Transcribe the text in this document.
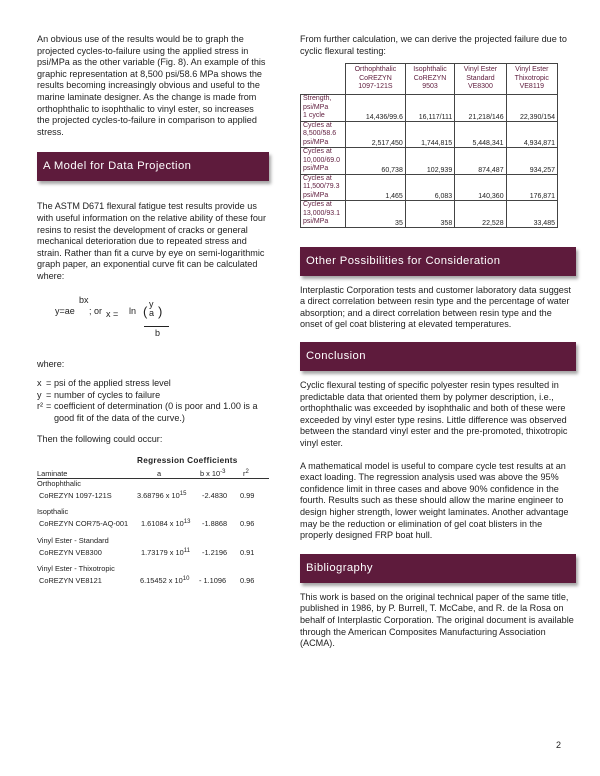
An obvious use of the results would be to graph the projected cycles-to-failure using the applied stress in psi/MPa as the other variable (Fig. 8). An example of this graphic representation at 8,500 psi/58.6 MPa shows the results becoming increasingly obvious and useful to the marine laminate designer. As the change is made from orthophthalic to isophthalic to vinyl ester, so increases the projected cycles-to-failure in comparison to applied stress.

A Model for Data Projection

The ASTM D671 flexural fatigue test results provide us with useful information on the relative ability of these four resins to resist the development of cracks or general mechanical deterioration due to repeated stress and strain. Rather than fit a curve by eye on semi-logarithmic graph paper, an exponential curve fit can be calculated where:

bx
y=ae ; or x = ln ( y
a )
b

where:

x = psi of the applied stress level
y = number of cycles to failure
r² = coefficient of determination (0 is poor and 1.00 is a good fit of the data of the curve.)

Then the following could occur:

Regression Coefficients
Laminate	a	b x $10^{-3}$ $r^2$
Orthophthalic
CoREZYN 1097-121S	3.68796 x $10^{15}$ -2.4830 0.99
Isopthalic
CoREZYN COR75-AQ-001 1.61084 x $10^{13}$ -1.8868 0.96
Vinyl Ester - Standard
CoREZYN VE8300	1.73179 x $10^{11}$ -1.2196 0.91
Vinyl Ester - Thixotropic
CoREZYN VE8121	6.15452 x $10^{10} - 1.1096$ 0.96

From further calculation, we can derive the projected failure due to cyclic flexural testing:

	Orthophthalic
CoREZYN
1097-121S	Isophthalic
CoREZYN
9503	Vinyl Ester
Standard
VE8300	Vinyl Ester
Thixotropic
VE8119
Strength,
psi/MPa
1 cycle	14,436/99.6	16,117/111	21,218/146	22,390/154
Cycles at
8,500/58.6
psi/MPa	2,517,450	1,744,815	5,448,341	4,934,871
Cycles at
10,000/69.0
psi/MPa	60,738	102,939	874,487	934,257
Cycles at
11,500/79.3
psi/MPa	1,465	6,083	140,360	176,871
Cycles at
13,000/93.1
psi/MPa	35	358	22,528	33,485
Other Possibilities for Consideration

Interplastic Corporation tests and customer laboratory data suggest a direct correlation between resin type and the percentage of water absorption; and a direct correlation between resin type and the onset of gel coat blistering at elevated temperatures.

Conclusion

Cyclic flexural testing of specific polyester resin types resulted in predictable data that oriented them by polymer description, i.e., orthophthalic was exceeded by isophthalic and both of these were exceeded by vinyl ester type resins. Little difference was observed between the standard vinyl ester and the pre-promoted, thixotropic vinyl ester.

A mathematical model is useful to compare cycle test results at an exact loading. The regression analysis used was above the 95% confidence limit in three cases and above 90% confidence in the fourth. Results such as these should allow the marine engineer to design higher strength, lower weight laminates. Another advantage may be the reduction or elimination of gel coat blisters in the properly designed FRP boat hull.

Bibliography

This work is based on the original technical paper of the same title, published in 1986, by P. Burrell, T. McCabe, and R. de la Rosa on behalf of Interplastic Corporation. The original document is available through the American Composites Manufacturing Association (ACMA).

2
